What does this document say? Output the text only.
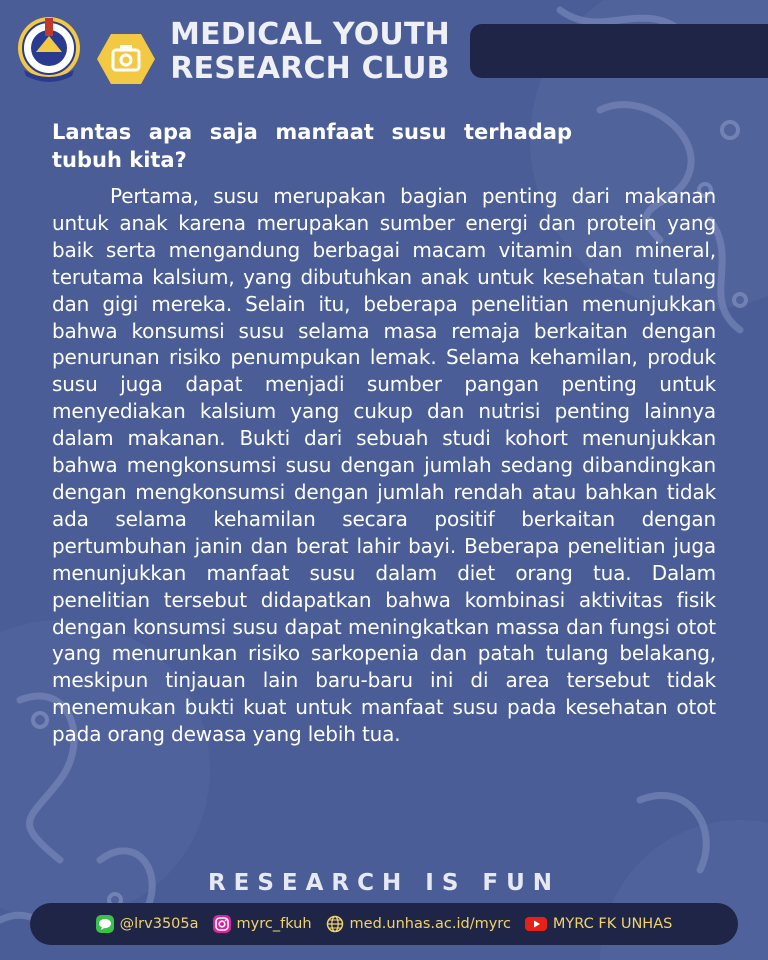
MEDICAL YOUTH
RESEARCH CLUB

Lantas apa saja manfaat susu terhadap tubuh kita?

Pertama, susu merupakan bagian penting dari makanan untuk anak karena merupakan sumber energi dan protein yang baik serta mengandung berbagai macam vitamin dan mineral, terutama kalsium, yang dibutuhkan anak untuk kesehatan tulang dan gigi mereka. Selain itu, beberapa penelitian menunjukkan bahwa konsumsi susu selama masa remaja berkaitan dengan penurunan risiko penumpukan lemak. Selama kehamilan, produk susu juga dapat menjadi sumber pangan penting untuk menyediakan kalsium yang cukup dan nutrisi penting lainnya dalam makanan. Bukti dari sebuah studi kohort menunjukkan bahwa mengkonsumsi susu dengan jumlah sedang dibandingkan dengan mengkonsumsi dengan jumlah rendah atau bahkan tidak ada selama kehamilan secara positif berkaitan dengan pertumbuhan janin dan berat lahir bayi. Beberapa penelitian juga menunjukkan manfaat susu dalam diet orang tua. Dalam penelitian tersebut didapatkan bahwa kombinasi aktivitas fisik dengan konsumsi susu dapat meningkatkan massa dan fungsi otot yang menurunkan risiko sarkopenia dan patah tulang belakang, meskipun tinjauan lain baru-baru ini di area tersebut tidak menemukan bukti kuat untuk manfaat susu pada kesehatan otot pada orang dewasa yang lebih tua.

RESEARCH IS FUN
@lrv3505a	myrc_fkuh	med.unhas.ac.id/myrc	MYRC FK UNHAS
